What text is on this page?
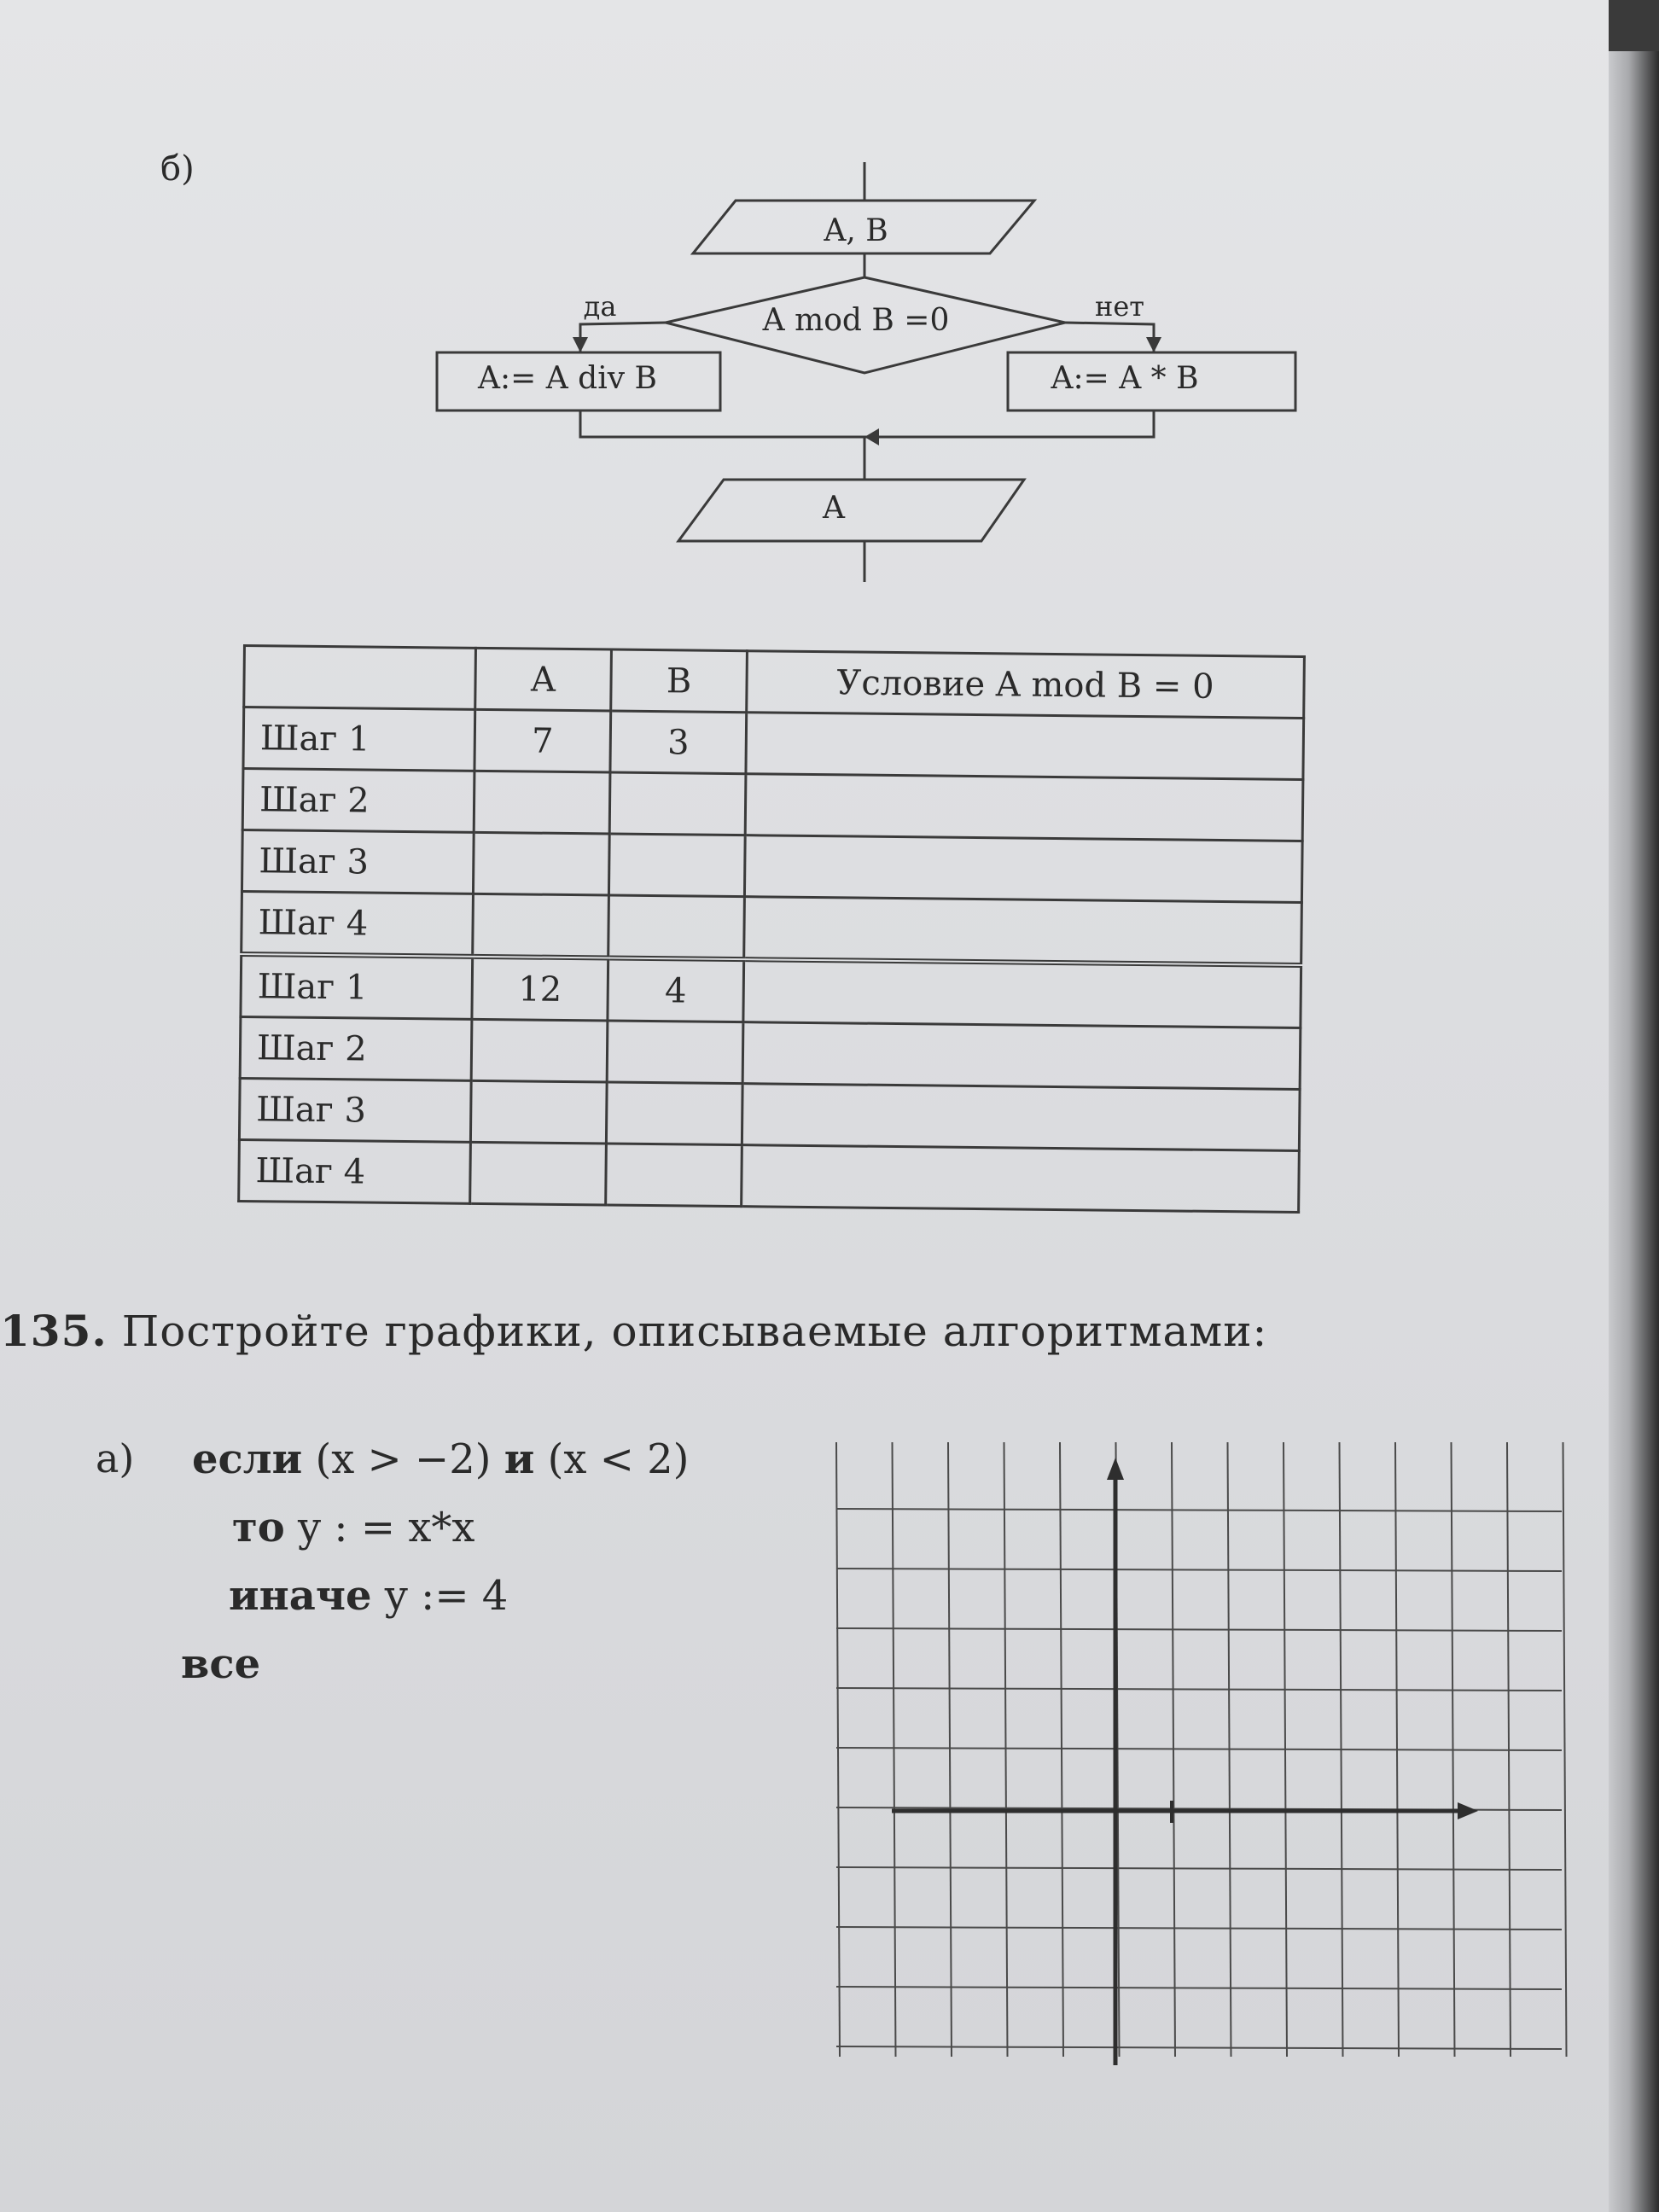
б)
A, B
A mod B =0
да	нет
A:= A div B	A:= A * B
A
	A	B	Условие A mod B = 0
Шаг 1	7	3	
Шаг 2			
Шаг 3			
Шаг 4			
Шаг 1	12	4	
Шаг 2			
Шаг 3			
Шаг 4			
135. Постройте графики, описываемые алгоритмами:
а) если (x > −2) и (x < 2)
то y : = x*x
иначе y := 4
все
